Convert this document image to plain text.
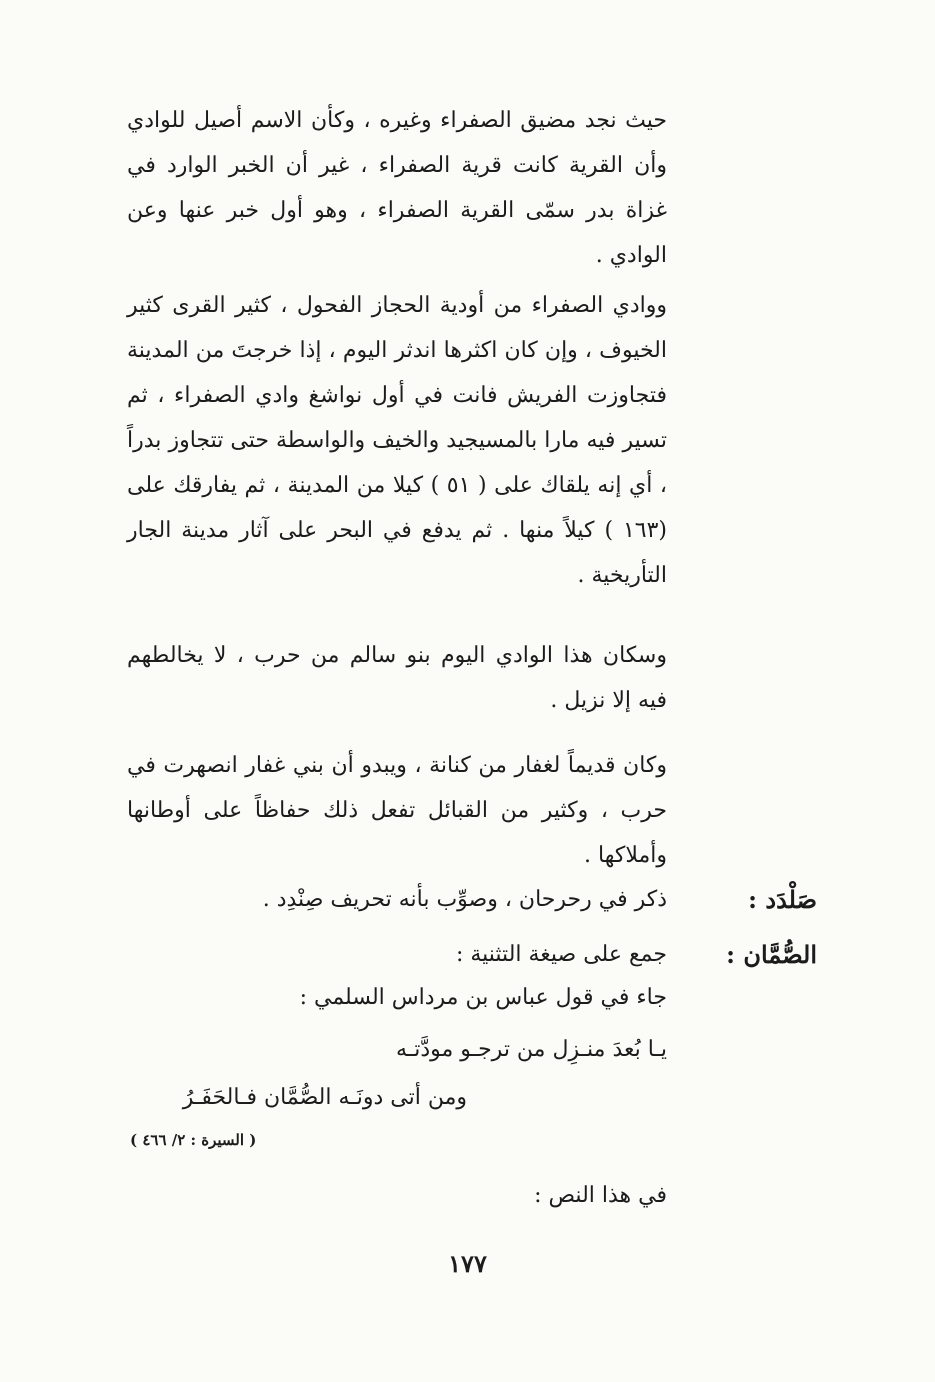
حيث نجد مضيق الصفراء وغيره ، وكأن الاسم أصيل للوادي وأن القرية كانت قرية الصفراء ، غير أن الخبر الوارد في غزاة بدر سمّى القرية الصفراء ، وهو أول خبر عنها وعن الوادي .
ووادي الصفراء من أودية الحجاز الفحول ، كثير القرى كثير الخيوف ، وإن كان اكثرها اندثر اليوم ، إذا خرجتَ من المدينة فتجاوزت الفريش فانت في أول نواشغ وادي الصفراء ، ثم تسير فيه مارا بالمسيجيد والخيف والواسطة حتى تتجاوز بدراً ، أي إنه يلقاك على ( ٥١ ) كيلا من المدينة ، ثم يفارقك على (١٦٣ ) كيلاً منها . ثم يدفع في البحر على آثار مدينة الجار التأريخية .
وسكان هذا الوادي اليوم بنو سالم من حرب ، لا يخالطهم فيه إلا نزيل .
وكان قديماً لغفار من كنانة ، ويبدو أن بني غفار انصهرت في حرب ، وكثير من القبائل تفعل ذلك حفاظاً على أوطانها وأملاكها .
صَلْدَد :
ذكر في رحرحان ، وصوِّب بأنه تحريف صِنْدِد .
الصُّمَّان :
جمع على صيغة التثنية :
جاء في قول عباس بن مرداس السلمي :
يـا بُعدَ منـزِل من ترجـو مودَّتـه
ومن أتى دونَـه الصُّمَّان فـالحَفَـرُ
( السيرة : ٢/ ٤٦٦ )
في هذا النص :
١٧٧
